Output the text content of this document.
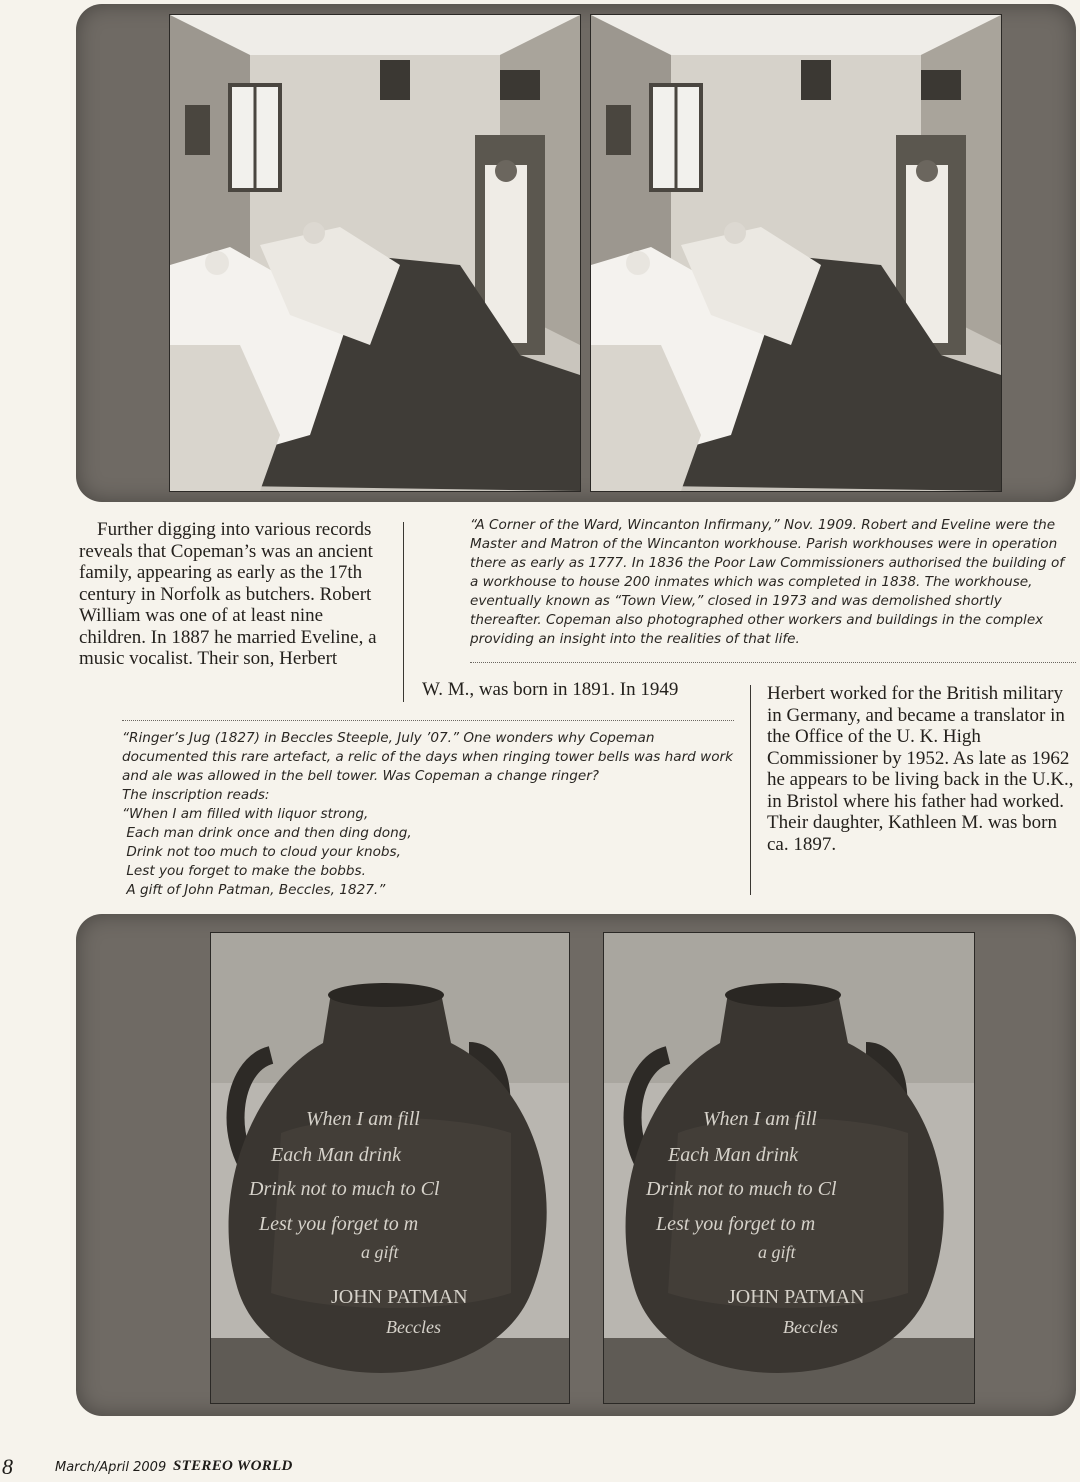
Further digging into various records reveals that Copeman’s was an ancient family, appearing as early as the 17th century in Norfolk as butchers. Robert William was one of at least nine children. In 1887 he married Eveline, a music vocalist. Their son, Herbert

“A Corner of the Ward, Wincanton Infirmany,” Nov. 1909. Robert and Eveline were the Master and Matron of the Wincanton workhouse. Parish workhouses were in operation there as early as 1777. In 1836 the Poor Law Commissioners authorised the building of a workhouse to house 200 inmates which was completed in 1838. The workhouse, eventually known as “Town View,” closed in 1973 and was demolished shortly thereafter. Copeman also photographed other workers and buildings in the complex providing an insight into the realities of that life.

W. M., was born in 1891. In 1949	Herbert worked for the British military in Germany, and became a translator in the Office of the U. K. High Commissioner by 1952. As late as 1962 he appears to be living back in the U.K., in Bristol where his father had worked. Their daughter, Kathleen M. was born ca. 1897.

“Ringer’s Jug (1827) in Beccles Steeple, July ’07.” One wonders why Copeman documented this rare artefact, a relic of the days when ringing tower bells was hard work and ale was allowed in the bell tower. Was Copeman a change ringer?

The inscription reads:

“When I am filled with liquor strong,

Each man drink once and then ding dong,

Drink not too much to cloud your knobs,

Lest you forget to make the bobbs.

A gift of John Patman, Beccles, 1827.”

When I am fill
Each Man drink
Drink not to much to Cl
Lest you forget to m
a gift
JOHN PATMAN
Beccles
When I am fill
Each Man drink
Drink not to much to Cl
Lest you forget to m
a gift
JOHN PATMAN
Beccles
8	March/April 2009 STEREO WORLD
